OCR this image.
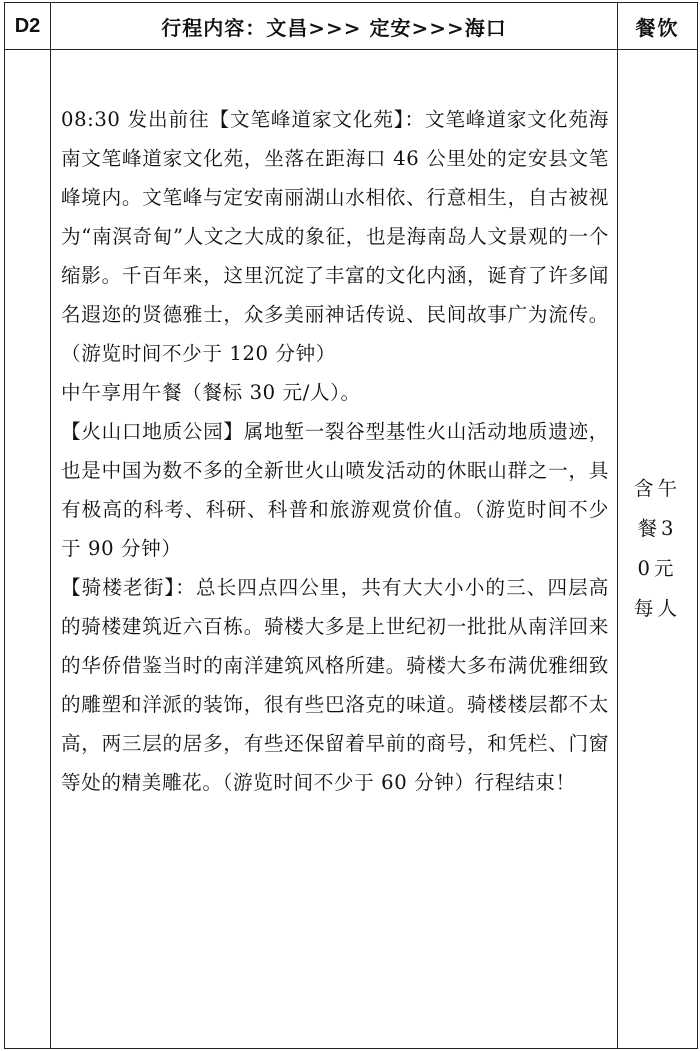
D2	行程内容：文昌>>> 定安>>>海口	餐饮

	08:30 发出前往【文笔峰道家文化苑】：文笔峰道家文化苑海南文笔峰道家文化苑，坐落在距海口 46 公里处的定安县文笔峰境内。文笔峰与定安南丽湖山水相依、行意相生，自古被视为“南溟奇甸”人文之大成的象征，也是海南岛人文景观的一个缩影。千百年来，这里沉淀了丰富的文化内涵，诞育了许多闻名遐迩的贤德雅士，众多美丽神话传说、民间故事广为流传。（游览时间不少于 120 分钟）

中午享用午餐（餐标 30 元/人）。

【火山口地质公园】属地堑一裂谷型基性火山活动地质遗迹，也是中国为数不多的全新世火山喷发活动的休眠山群之一，具有极高的科考、科研、科普和旅游观赏价值。（游览时间不少于 90 分钟）

【骑楼老街】：总长四点四公里，共有大大小小的三、四层高的骑楼建筑近六百栋。骑楼大多是上世纪初一批批从南洋回来的华侨借鉴当时的南洋建筑风格所建。骑楼大多布满优雅细致的雕塑和洋派的装饰，很有些巴洛克的味道。骑楼楼层都不太高，两三层的居多，有些还保留着早前的商号，和凭栏、门窗等处的精美雕花。（游览时间不少于 60 分钟）行程结束！	含午餐30元每人
